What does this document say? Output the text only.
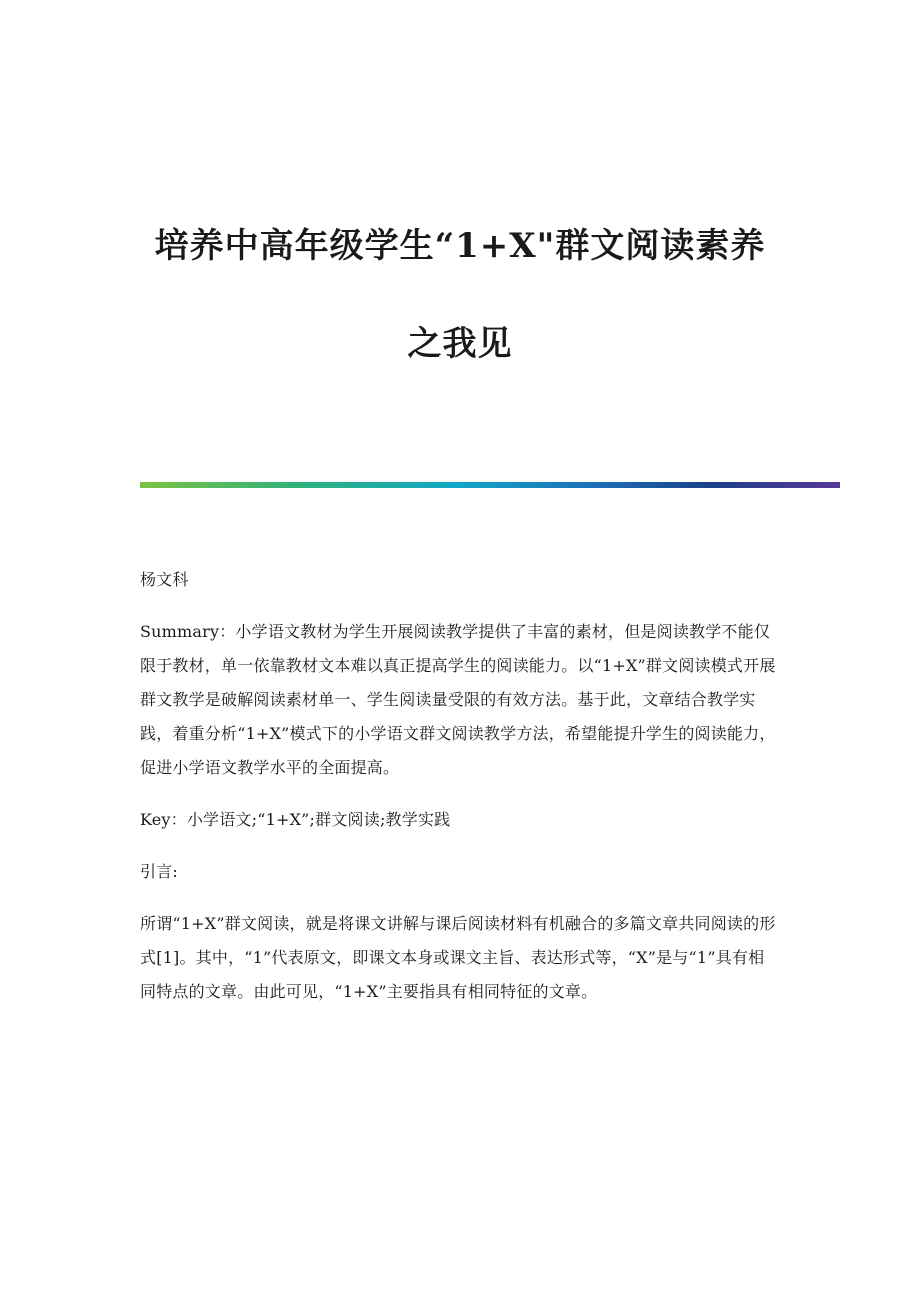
培养中高年级学生“1+X"群文阅读素养
之我见

杨文科

Summary：小学语文教材为学生开展阅读教学提供了丰富的素材，但是阅读教学不能仅限于教材，单一依靠教材文本难以真正提高学生的阅读能力。以“1+X”群文阅读模式开展群文教学是破解阅读素材单一、学生阅读量受限的有效方法。基于此，文章结合教学实践，着重分析“1+X”模式下的小学语文群文阅读教学方法，希望能提升学生的阅读能力，促进小学语文教学水平的全面提高。

Key：小学语文;“1+X”;群文阅读;教学实践

引言:

所谓“1+X”群文阅读，就是将课文讲解与课后阅读材料有机融合的多篇文章共同阅读的形式[1]。其中，“1”代表原文，即课文本身或课文主旨、表达形式等，“X”是与“1”具有相同特点的文章。由此可见，“1+X”主要指具有相同特征的文章。
